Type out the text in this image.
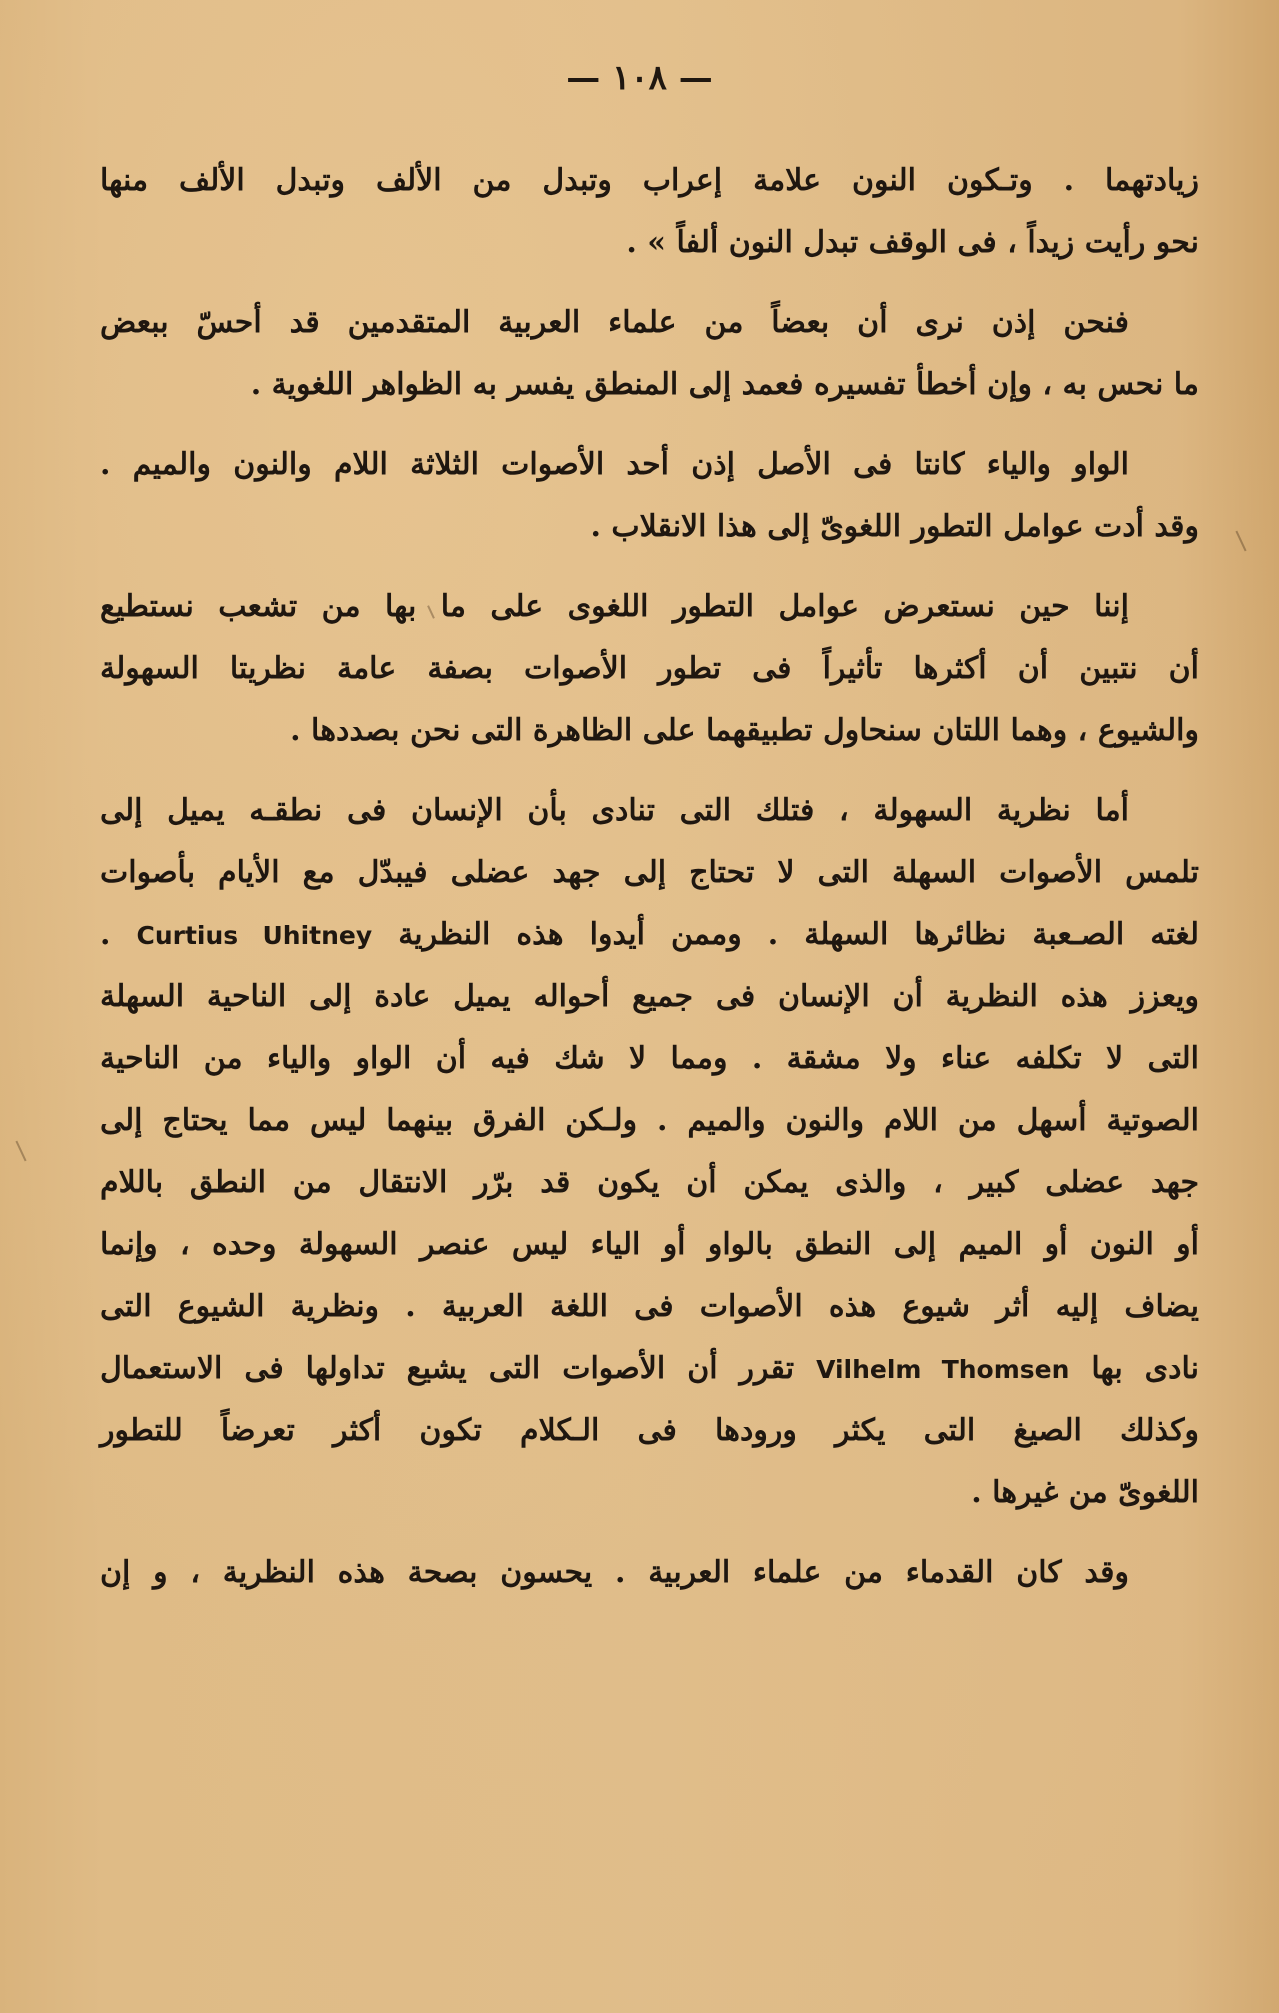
— ١٠٨ —
زيادتهما . وتـكون النون علامة إعراب وتبدل من الألف وتبدل الألف منها
نحو رأيت زيداً ، فى الوقف تبدل النون ألفاً » .
فنحن إذن نرى أن بعضاً من علماء العربية المتقدمين قد أحسّ ببعض
ما نحس به ، وإن أخطأ تفسيره فعمد إلى المنطق يفسر به الظواهر اللغوية .
الواو والياء كانتا فى الأصل إذن أحد الأصوات الثلاثة اللام والنون والميم .
وقد أدت عوامل التطور اللغوىّ إلى هذا الانقلاب .
إننا حين نستعرض عوامل التطور اللغوى على ما بها من تشعب نستطيع
أن نتبين أن أكثرها تأثيراً فى تطور الأصوات بصفة عامة نظريتا السهولة
والشيوع ، وهما اللتان سنحاول تطبيقهما على الظاهرة التى نحن بصددها .
أما نظرية السهولة ، فتلك التى تنادى بأن الإنسان فى نطقـه يميل إلى
تلمس الأصوات السهلة التى لا تحتاج إلى جهد عضلى فيبدّل مع الأيام بأصوات
لغته الصـعبة نظائرها السهلة . وممن أيدوا هذه النظرية Curtius Uhitney .
ويعزز هذه النظرية أن الإنسان فى جميع أحواله يميل عادة إلى الناحية السهلة
التى لا تكلفه عناء ولا مشقة . ومما لا شك فيه أن الواو والياء من الناحية
الصوتية أسهل من اللام والنون والميم . ولـكن الفرق بينهما ليس مما يحتاج إلى
جهد عضلى كبير ، والذى يمكن أن يكون قد برّر الانتقال من النطق باللام
أو النون أو الميم إلى النطق بالواو أو الياء ليس عنصر السهولة وحده ، وإنما
يضاف إليه أثر شيوع هذه الأصوات فى اللغة العربية . ونظرية الشيوع التى
نادى بها Vilhelm Thomsen تقرر أن الأصوات التى يشيع تداولها فى الاستعمال
وكذلك الصيغ التى يكثر ورودها فى الـكلام تكون أكثر تعرضاً للتطور
اللغوىّ من غيرها .
وقد كان القدماء من علماء العربية . يحسون بصحة هذه النظرية ، و إن
